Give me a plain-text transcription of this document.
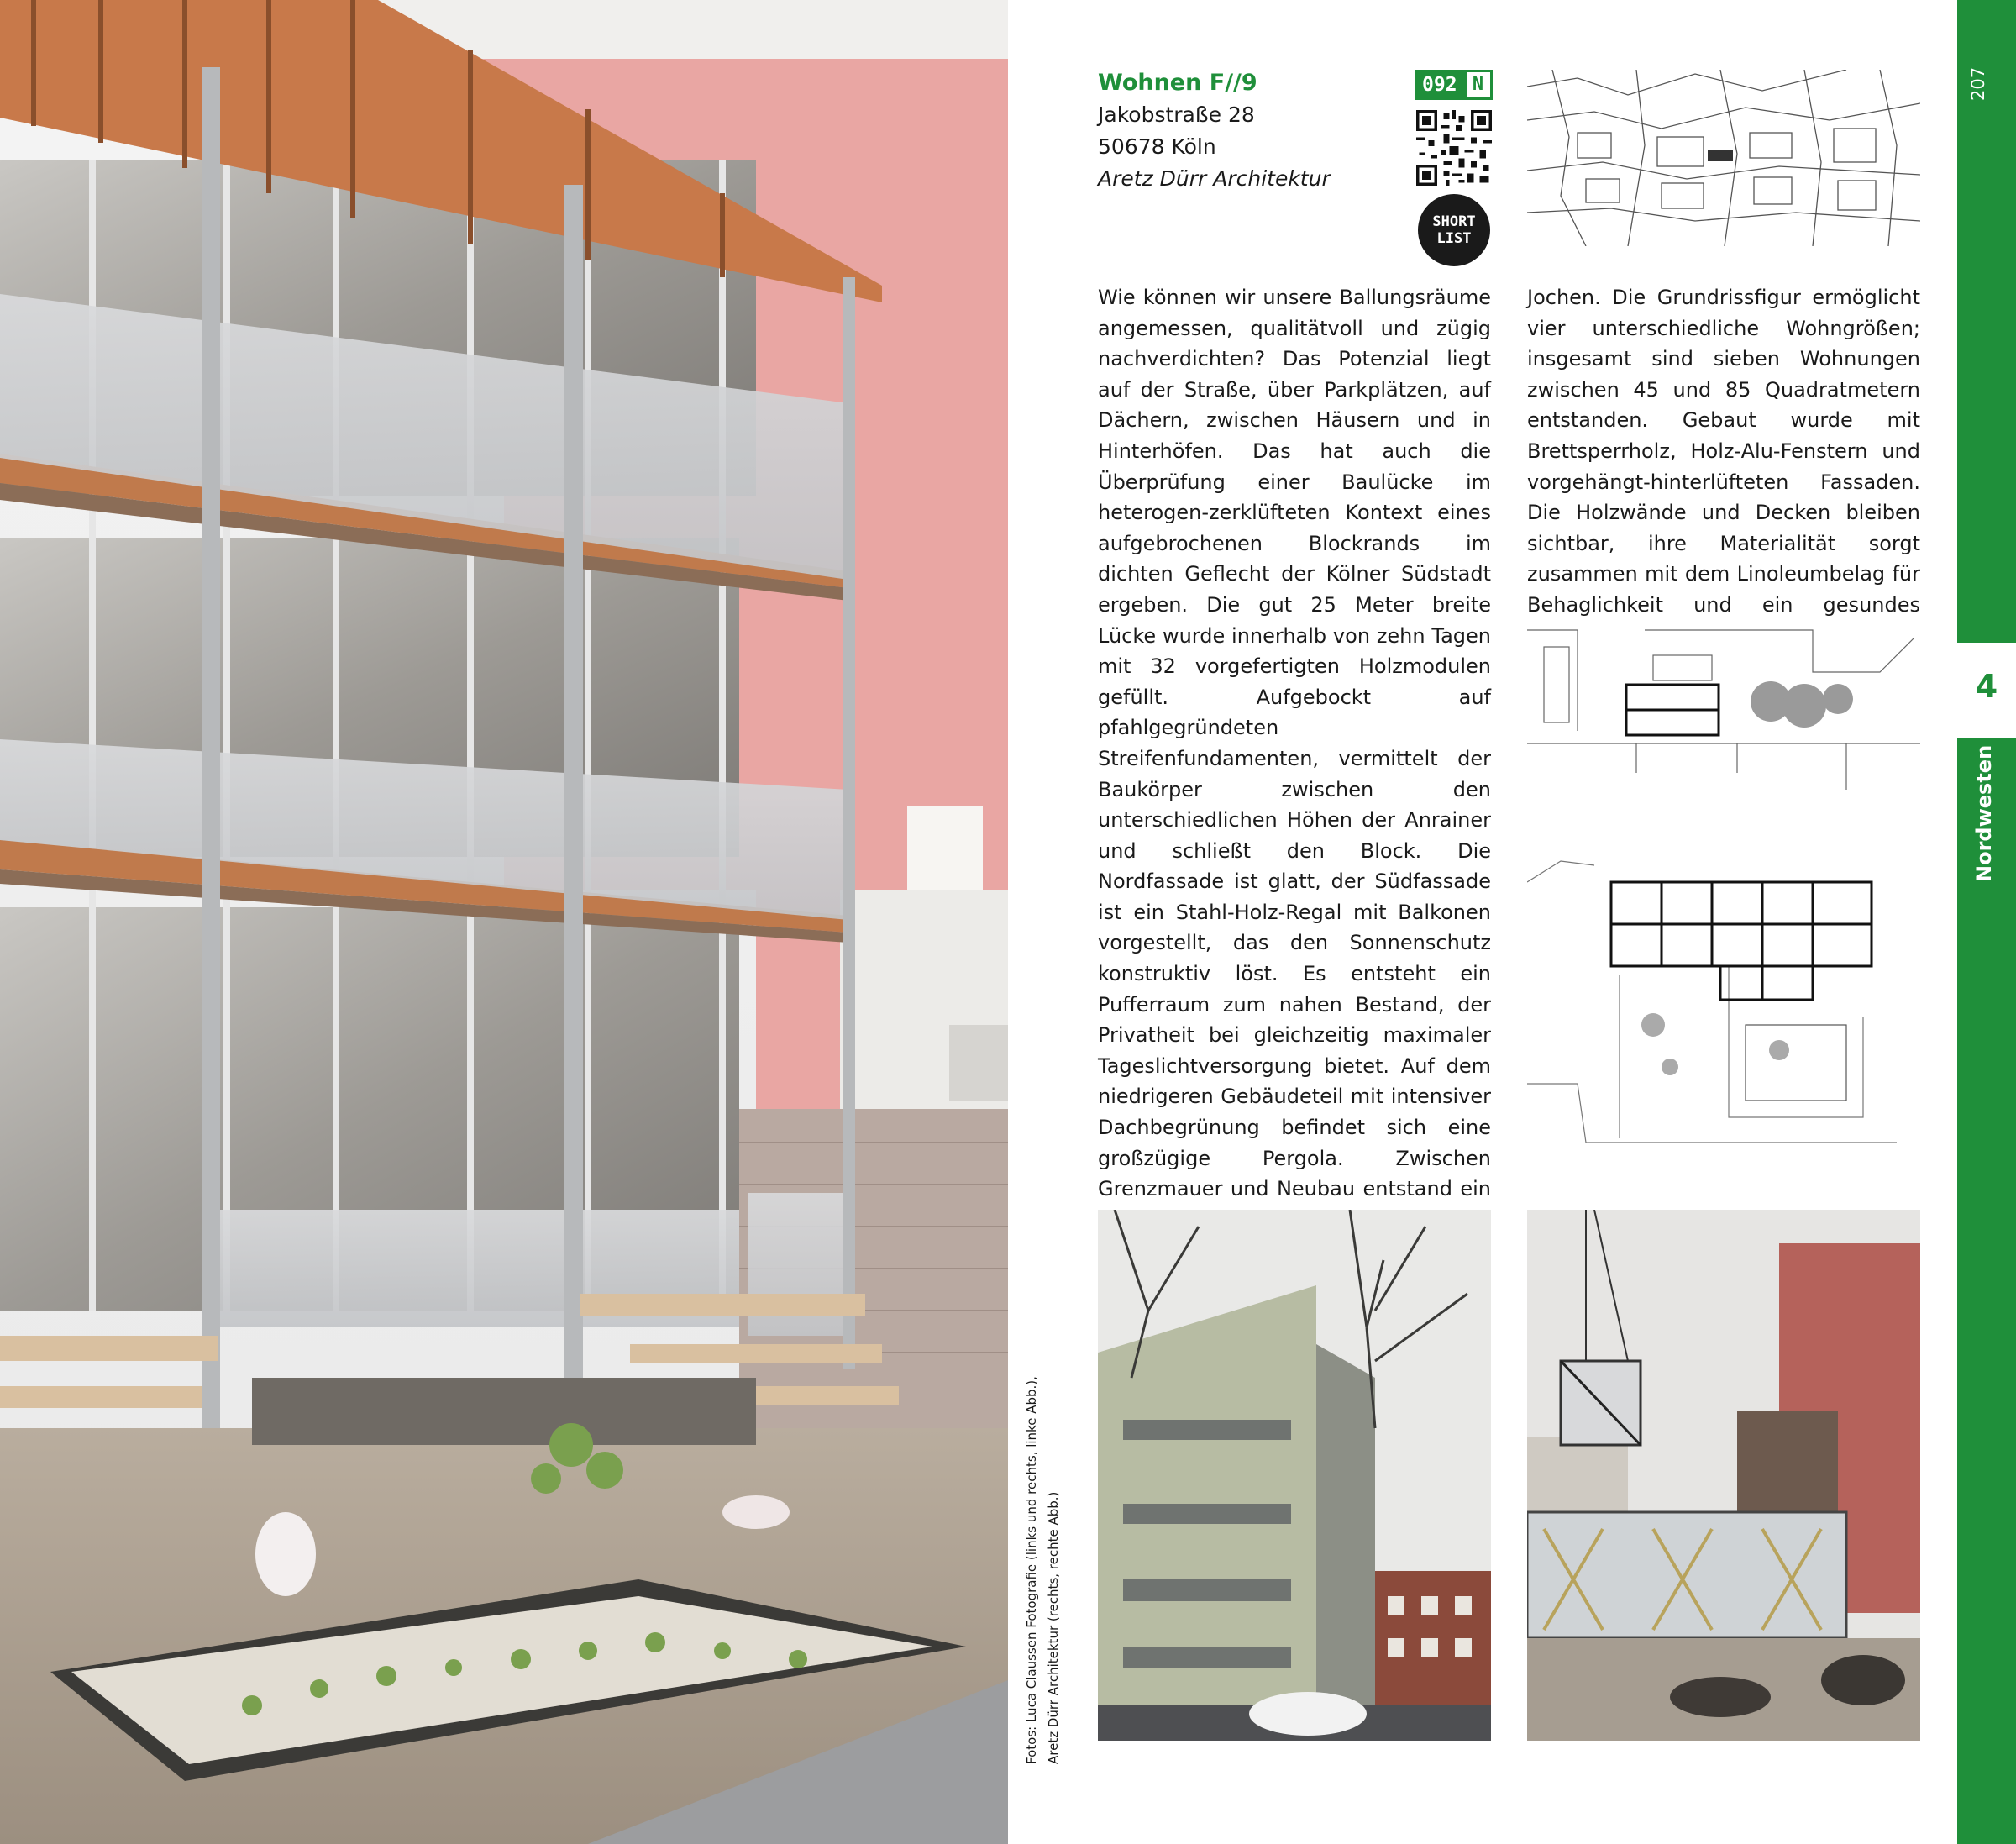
Wohnen F//9
Jakobstraße 28
50678 Köln
Aretz Dürr Architektur
092 N
SHORT
LIST
Wie können wir unsere Ballungsräume angemessen, qualitätvoll und zügig nachverdichten? Das Potenzial liegt auf der Straße, über Parkplätzen, auf Dächern, zwischen Häusern und in Hinterhöfen. Das hat auch die Überprüfung einer Baulücke im heterogen-zerklüfteten Kontext eines aufgebrochenen Blockrands im dichten Geflecht der Kölner Südstadt ergeben. Die gut 25 Meter breite Lücke wurde innerhalb von zehn Tagen mit 32 vorgefertigten Holzmodulen gefüllt. Aufgebockt auf pfahlgegründeten Streifenfundamenten, vermittelt der Baukörper zwischen den unterschiedlichen Höhen der Anrainer und schließt den Block. Die Nordfassade ist glatt, der Südfassade ist ein Stahl-Holz-Regal mit Balkonen vorgestellt, das den Sonnenschutz konstruktiv löst. Es entsteht ein Pufferraum zum nahen Bestand, der Privatheit bei gleichzeitig maximaler Tageslichtversorgung bietet. Auf dem niedrigeren Gebäudeteil mit intensiver Dachbegrünung befindet sich eine großzügige Pergola. Zwischen Grenzmauer und Neubau entstand ein
Jochen. Die Grundrissfigur ermöglicht vier unterschiedliche Wohngrößen; insgesamt sind sieben Wohnungen zwischen 45 und 85 Quadratmetern entstanden. Gebaut wurde mit Brettsperrholz, Holz-Alu-Fenstern und vorgehängt-hinterlüfteten Fassaden. Die Holzwände und Decken bleiben sichtbar, ihre Materialität sorgt zusammen mit dem Linoleumbelag für Behaglichkeit und ein gesundes Wohnklima.
Fotos: Luca Claussen Fotografie (links und rechts, linke Abb.), Aretz Dürr Architektur (rechts, rechte Abb.)
207
4
Nordwesten
